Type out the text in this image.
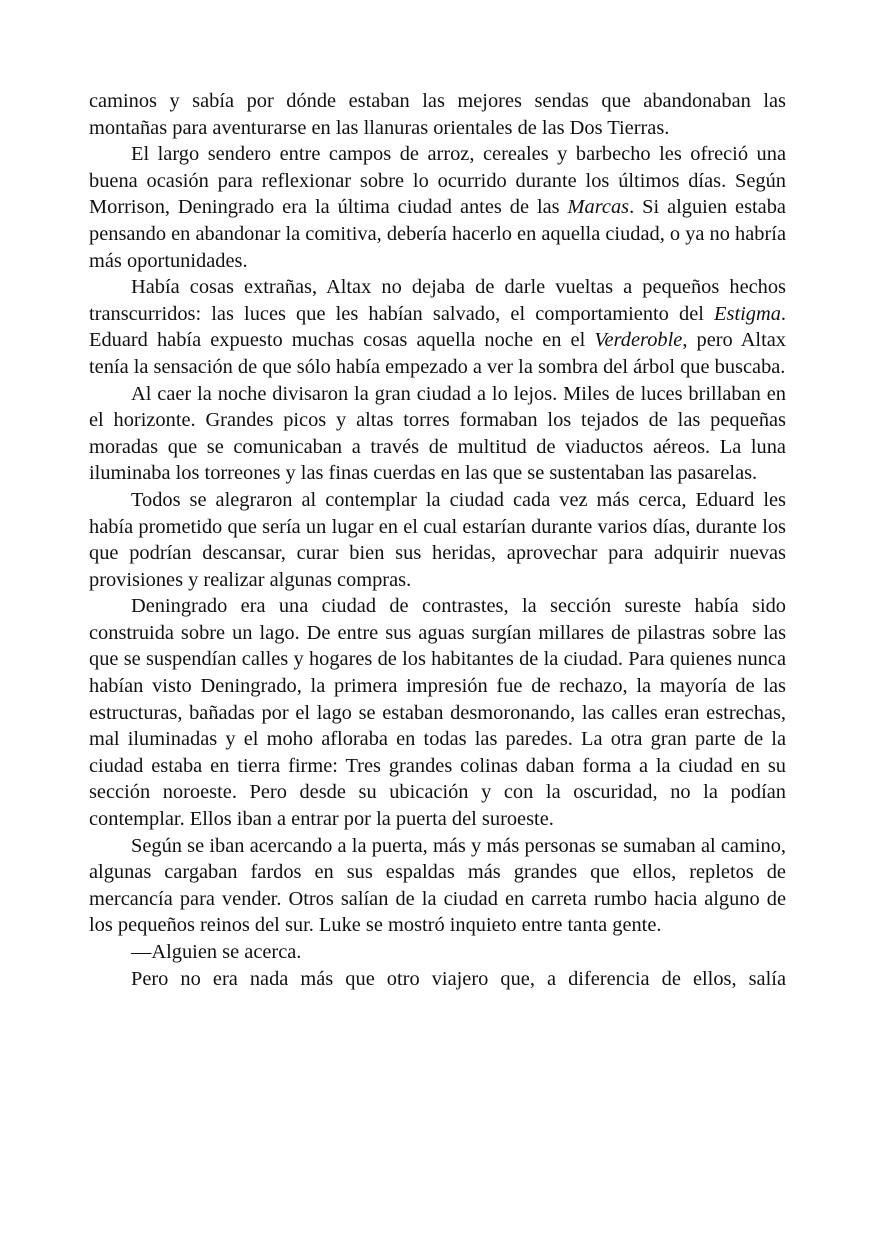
caminos y sabía por dónde estaban las mejores sendas que abandonaban las montañas para aventurarse en las llanuras orientales de las Dos Tierras.

El largo sendero entre campos de arroz, cereales y barbecho les ofreció una buena ocasión para reflexionar sobre lo ocurrido durante los últimos días. Según Morrison, Deningrado era la última ciudad antes de las Marcas. Si alguien estaba pensando en abandonar la comitiva, debería hacerlo en aquella ciudad, o ya no habría más oportunidades.

Había cosas extrañas, Altax no dejaba de darle vueltas a pequeños hechos transcurridos: las luces que les habían salvado, el comportamiento del Estigma. Eduard había expuesto muchas cosas aquella noche en el Verderoble, pero Altax tenía la sensación de que sólo había empezado a ver la sombra del árbol que buscaba.

Al caer la noche divisaron la gran ciudad a lo lejos. Miles de luces brillaban en el horizonte. Grandes picos y altas torres formaban los tejados de las pequeñas moradas que se comunicaban a través de multitud de viaductos aéreos. La luna iluminaba los torreones y las finas cuerdas en las que se sustentaban las pasarelas.

Todos se alegraron al contemplar la ciudad cada vez más cerca, Eduard les había prometido que sería un lugar en el cual estarían durante varios días, durante los que podrían descansar, curar bien sus heridas, aprovechar para adquirir nuevas provisiones y realizar algunas compras.

Deningrado era una ciudad de contrastes, la sección sureste había sido construida sobre un lago. De entre sus aguas surgían millares de pilastras sobre las que se suspendían calles y hogares de los habitantes de la ciudad. Para quienes nunca habían visto Deningrado, la primera impresión fue de rechazo, la mayoría de las estructuras, bañadas por el lago se estaban desmoronando, las calles eran estrechas, mal iluminadas y el moho afloraba en todas las paredes. La otra gran parte de la ciudad estaba en tierra firme: Tres grandes colinas daban forma a la ciudad en su sección noroeste. Pero desde su ubicación y con la oscuridad, no la podían contemplar. Ellos iban a entrar por la puerta del suroeste.

Según se iban acercando a la puerta, más y más personas se sumaban al camino, algunas cargaban fardos en sus espaldas más grandes que ellos, repletos de mercancía para vender. Otros salían de la ciudad en carreta rumbo hacia alguno de los pequeños reinos del sur. Luke se mostró inquieto entre tanta gente.

—Alguien se acerca.

Pero no era nada más que otro viajero que, a diferencia de ellos, salía
